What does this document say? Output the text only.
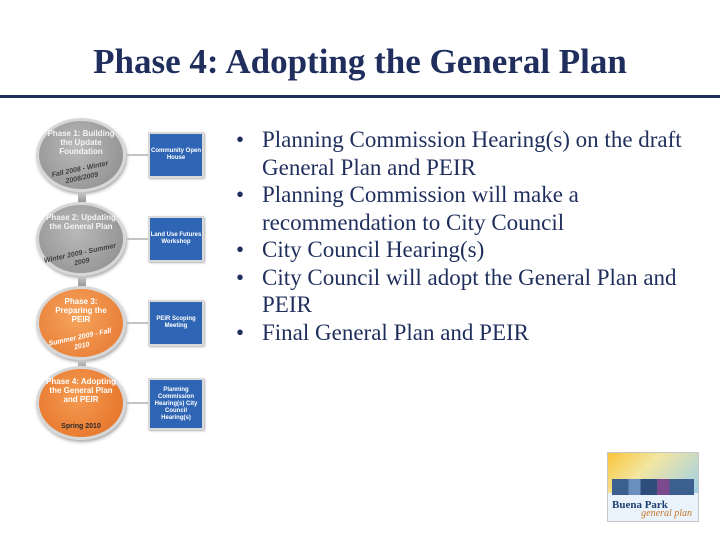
Phase 4: Adopting the General Plan
Phase 1: Building the Update Foundation
Fall 2008 - Winter 2008/2009
Community Open House
Phase 2: Updating the General Plan
Winter 2009 - Summer 2009
Land Use Futures Workshop
Phase 3: Preparing the PEIR
Summer 2009 - Fall 2010
PEIR Scoping Meeting
Phase 4: Adopting the General Plan and PEIR
Spring 2010
Planning Commission Hearing(s) City Council Hearing(s)
• Planning Commission Hearing(s) on the draft General Plan and PEIR
• Planning Commission will make a recommendation to City Council
• City Council Hearing(s)
• City Council will adopt the General Plan and PEIR
• Final General Plan and PEIR
Buena Park
general plan
